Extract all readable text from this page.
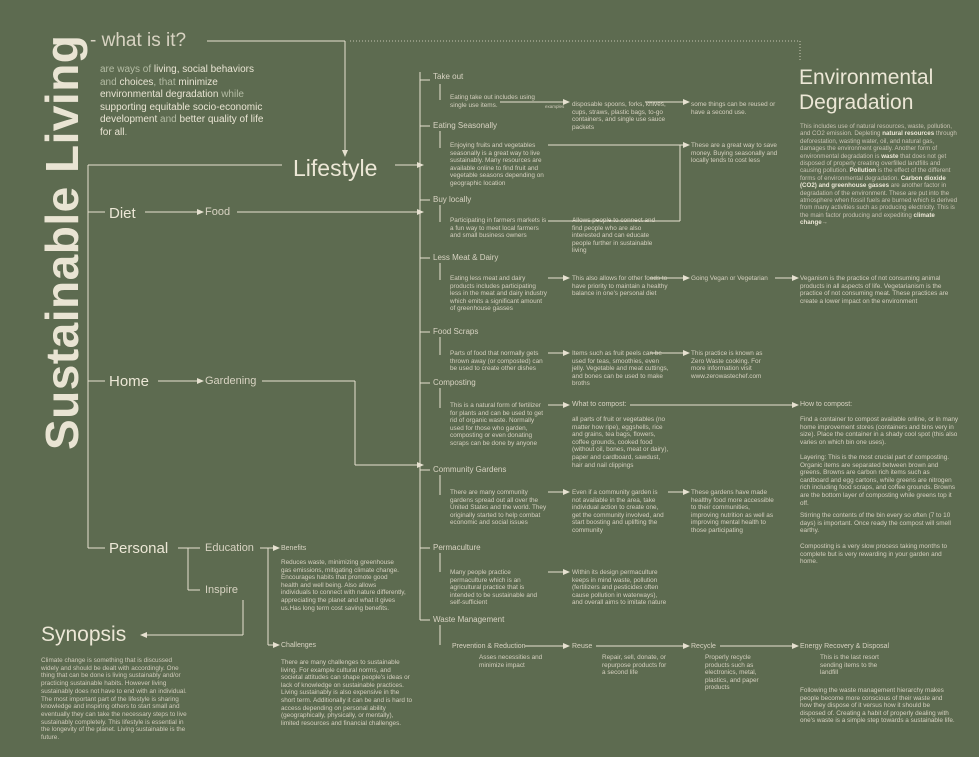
Sustainable Living - what is it?
are ways of living, social behaviors and choices, that minimize environmental degradation while supporting equitable socio-economic development and better quality of life for all.
Lifestyle
Diet	Food
Home	Gardening
Personal	Education
Inspire
Benefits
Challenges
Reduces waste, minimizing greenhouse gas emissions, mitigating climate change. Encourages habits that promote good health and well being. Also allows individuals to connect with nature differently, appreciating the planet and what it gives us.Has long term cost saving benefits.
There are many challenges to sustainable living. For example cultural norms, and societal attitudes can shape people's ideas or lack of knowledge on sustainable practices. Living sustainably is also expensive in the short term. Additionally it can be and is hard to access depending on personal ability (geographically, physically, or mentally), limited resources and financial challenges.
Take out
Eating Seasonally
Buy locally
Less Meat & Dairy
Food Scraps
Composting
Community Gardens
Permaculture
Waste Management
Eating take out includes using single use items.	examples disposable spoons, forks, knives, cups, straws, plastic bags, to-go containers, and single use sauce packets
some things can be reused or have a second use.
Enjoying fruits and vegetables seasonally is a great way to live sustainably. Many resources are available online to find fruit and vegetable seasons depending on geographic location
These are a great way to save money. Buying seasonally and locally tends to cost less
Participating in farmers markets is a fun way to meet local farmers and small business owners
Allows people to connect and find people who are also interested and can educate people further in sustainable living
Eating less meat and dairy products includes participating less in the meat and dairy industry which emits a significant amount of greenhouse gasses
This also allows for other foods to have priority to maintain a healthy balance in one's personal diet
Going Vegan or Vegetarian	Veganism is the practice of not consuming animal products in all aspects of life. Vegetarianism is the practice of not consuming meat. These practices are create a lower impact on the environment
Parts of food that normally gets thrown away (or composted) can be used to create other dishes
Items such as fruit peels can be used for teas, smoothies, even jelly. Vegetable and meat cuttings, and bones can be used to make broths
This practice is known as Zero Waste cooking. For more information visit www.zerowastechef.com
This is a natural form of fertilizer for plants and can be used to get rid of organic waste. Normally used for those who garden, composting or even donating scraps can be done by anyone
What to compost:
all parts of fruit or vegetables (no matter how ripe), eggshells, rice and grains, tea bags, flowers, coffee grounds, cooked food (without oil, bones, meat or dairy), paper and cardboard, sawdust, hair and nail clippings
How to compost:
Find a container to compost available online, or in many home improvement stores (containers and bins very in size). Place the container in a shady cool spot (this also varies on which bin one uses).
Layering: This is the most crucial part of composting. Organic items are separated between brown and greens. Browns are carbon rich items such as cardboard and egg cartons, while greens are nitrogen rich including food scraps, and coffee grounds. Browns are the bottom layer of composting while greens top it off.
Stirring the contents of the bin every so often (7 to 10 days) is important. Once ready the compost will smell earthy.
Composting is a very slow process taking months to complete but is very rewarding in your garden and home.
There are many community gardens spread out all over the United States and the world. They originally started to help combat economic and social issues
Even if a community garden is not available in the area, take individual action to create one, get the community involved, and start boosting and uplifting the community
These gardens have made healthy food more accessible to their communities, improving nutrition as well as improving mental health to those participating
Many people practice permaculture which is an agricultural practice that is intended to be sustainable and self-sufficient
Within its design permaculture keeps in mind waste, pollution (fertilizers and pesticides often cause pollution in waterways), and overall aims to imitate nature
Prevention & Reduction
Asses necessities and minimize impact
Reuse
Repair, sell, donate, or repurpose products for a second life
Recycle
Properly recycle products such as electronics, metal, plastics, and paper products
Energy Recovery & Disposal
This is the last resort sending items to the landfill
Following the waste management hierarchy makes people become more conscious of their waste and how they dispose of it versus how it should be disposed of. Creating a habit of properly dealing with one's waste is a simple step towards a sustainable life.
Environmental
Degradation
This includes use of natural resources, waste, pollution, and CO2 emission. Depleting natural resources through deforestation, wasting water, oil, and natural gas, damages the environment greatly. Another form of environmental degradation is waste that does not get disposed of properly creating overfilled landfills and causing pollution. Pollution is the effect of the different forms of environmental degradation. Carbon dioxide (CO2) and greenhouse gasses are another factor in degradation of the environment. These are put into the atmosphere when fossil fuels are burned which is derived from many activities such as producing electricity. This is the main factor producing and expediting climate change→
Synopsis
Climate change is something that is discussed widely and should be dealt with accordingly. One thing that can be done is living sustainably and/or practicing sustainable habits. However living sustainably does not have to end with an individual. The most important part of the lifestyle is sharing knowledge and inspiring others to start small and eventually they can take the necessary steps to live sustainably completely. This lifestyle is essential in the longevity of the planet. Living sustainable is the future.
